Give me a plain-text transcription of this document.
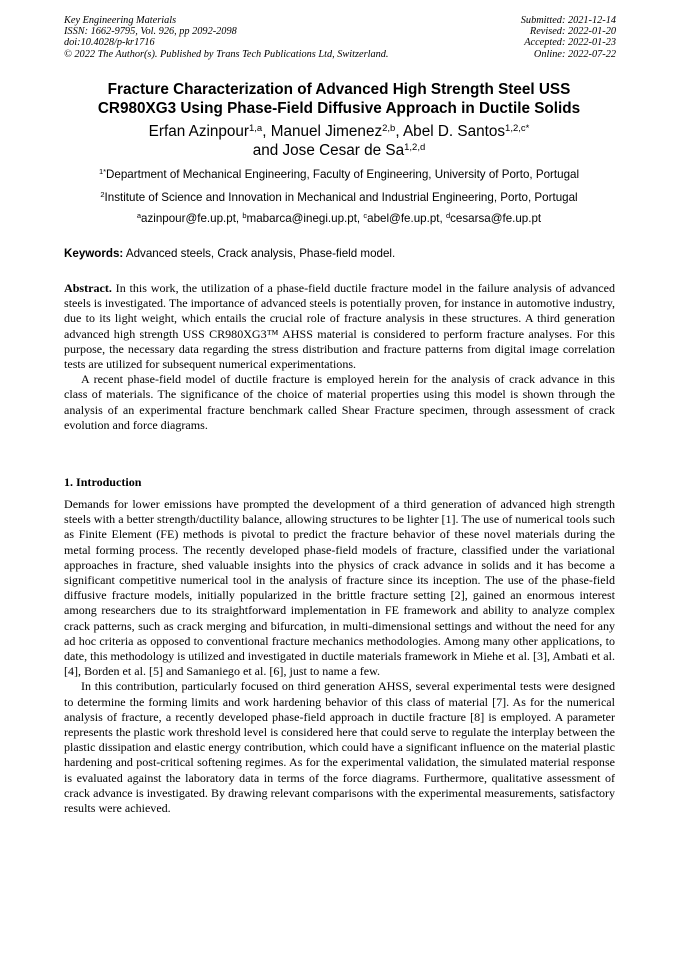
Key Engineering Materials
ISSN: 1662-9795, Vol. 926, pp 2092-2098
doi:10.4028/p-kr1716
© 2022 The Author(s). Published by Trans Tech Publications Ltd, Switzerland.
Submitted: 2021-12-14
Revised: 2022-01-20
Accepted: 2022-01-23
Online: 2022-07-22
Fracture Characterization of Advanced High Strength Steel USS
CR980XG3 Using Phase-Field Diffusive Approach in Ductile Solids
Erfan Azinpour$^{1,a}$, Manuel Jimenez$^{2,b}$, Abel D. Santos$^{1,2,c*}$
and Jose Cesar de Sa$^{1,2,d}$
$^{1*}$Department of Mechanical Engineering, Faculty of Engineering, University of Porto, Portugal
$^2$Institute of Science and Innovation in Mechanical and Industrial Engineering, Porto, Portugal
$^a$azinpour@fe.up.pt, $^b$mabarca@inegi.up.pt, $^c$abel@fe.up.pt, $^d$cesarsa@fe.up.pt
Keywords: Advanced steels, Crack analysis, Phase-field model.

Abstract. In this work, the utilization of a phase-field ductile fracture model in the failure analysis of advanced steels is investigated. The importance of advanced steels is potentially proven, for instance in automotive industry, due to its light weight, which entails the crucial role of fracture analysis in these structures. A third generation advanced high strength USS CR980XG3™ AHSS material is considered to perform fracture analyses. For this purpose, the necessary data regarding the stress distribution and fracture patterns from digital image correlation tests are utilized for subsequent numerical experimentations.

A recent phase-field model of ductile fracture is employed herein for the analysis of crack advance in this class of materials. The significance of the choice of material properties using this model is shown through the analysis of an experimental fracture benchmark called Shear Fracture specimen, through assessment of crack evolution and force diagrams.

1. Introduction

Demands for lower emissions have prompted the development of a third generation of advanced high strength steels with a better strength/ductility balance, allowing structures to be lighter [1]. The use of numerical tools such as Finite Element (FE) methods is pivotal to predict the fracture behavior of these novel materials during the metal forming process. The recently developed phase-field models of fracture, classified under the variational approaches in fracture, shed valuable insights into the physics of crack advance in solids and it has become a significant competitive numerical tool in the analysis of fracture since its inception. The use of the phase-field diffusive fracture models, initially popularized in the brittle fracture setting [2], gained an enormous interest among researchers due to its straightforward implementation in FE framework and ability to analyze complex crack patterns, such as crack merging and bifurcation, in multi-dimensional settings and without the need for any ad hoc criteria as opposed to conventional fracture mechanics methodologies. Among many other applications, to date, this methodology is utilized and investigated in ductile materials framework in Miehe et al. [3], Ambati et al. [4], Borden et al. [5] and Samaniego et al. [6], just to name a few.

In this contribution, particularly focused on third generation AHSS, several experimental tests were designed to determine the forming limits and work hardening behavior of this class of material [7]. As for the numerical analysis of fracture, a recently developed phase-field approach in ductile fracture [8] is employed. A parameter represents the plastic work threshold level is considered here that could serve to regulate the interplay between the plastic dissipation and elastic energy contribution, which could have a significant influence on the material plastic hardening and post-critical softening regimes. As for the experimental validation, the simulated material response is evaluated against the laboratory data in terms of the force diagrams. Furthermore, qualitative assessment of crack advance is investigated. By drawing relevant comparisons with the experimental measurements, satisfactory results were achieved.
